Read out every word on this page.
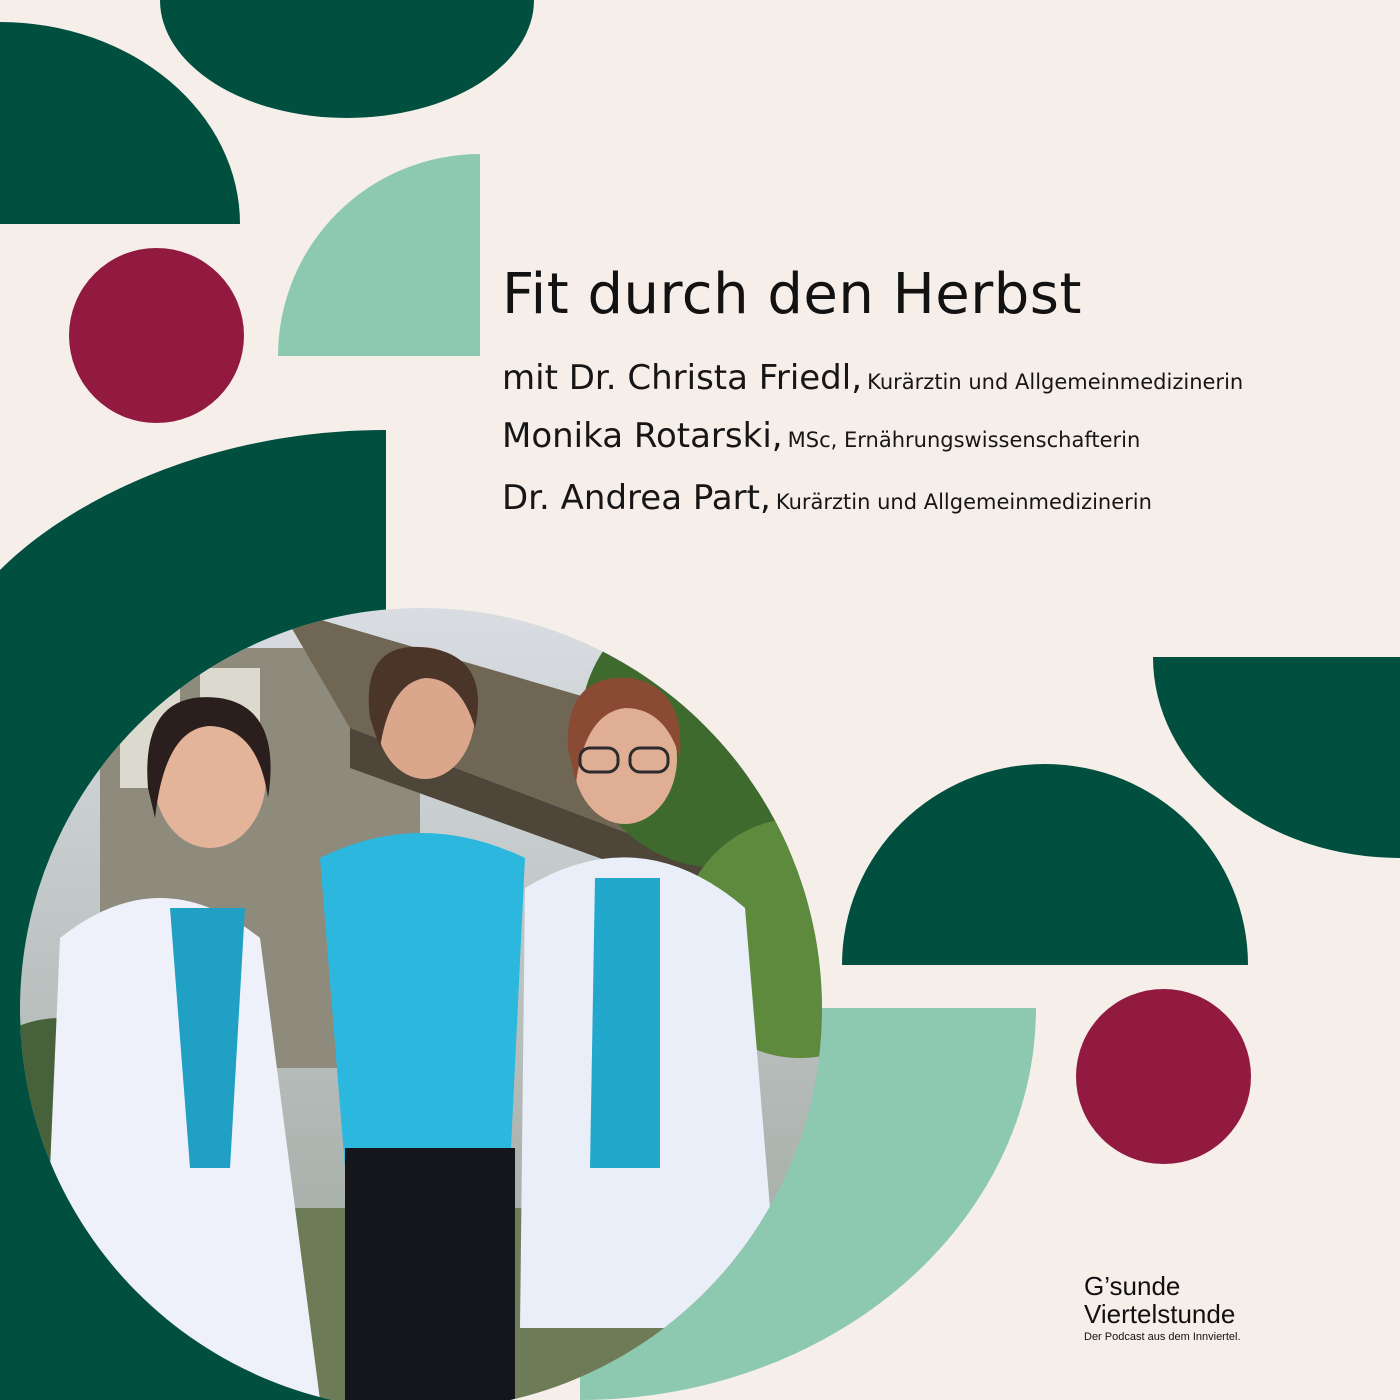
Fit durch den Herbst

mit Dr. Christa Friedl, Kurärztin und Allgemeinmedizinerin

Monika Rotarski, MSc, Ernährungswissenschafterin

Dr. Andrea Part, Kurärztin und Allgemeinmedizinerin

G’sunde
Viertelstunde
Der Podcast aus dem Innviertel.
